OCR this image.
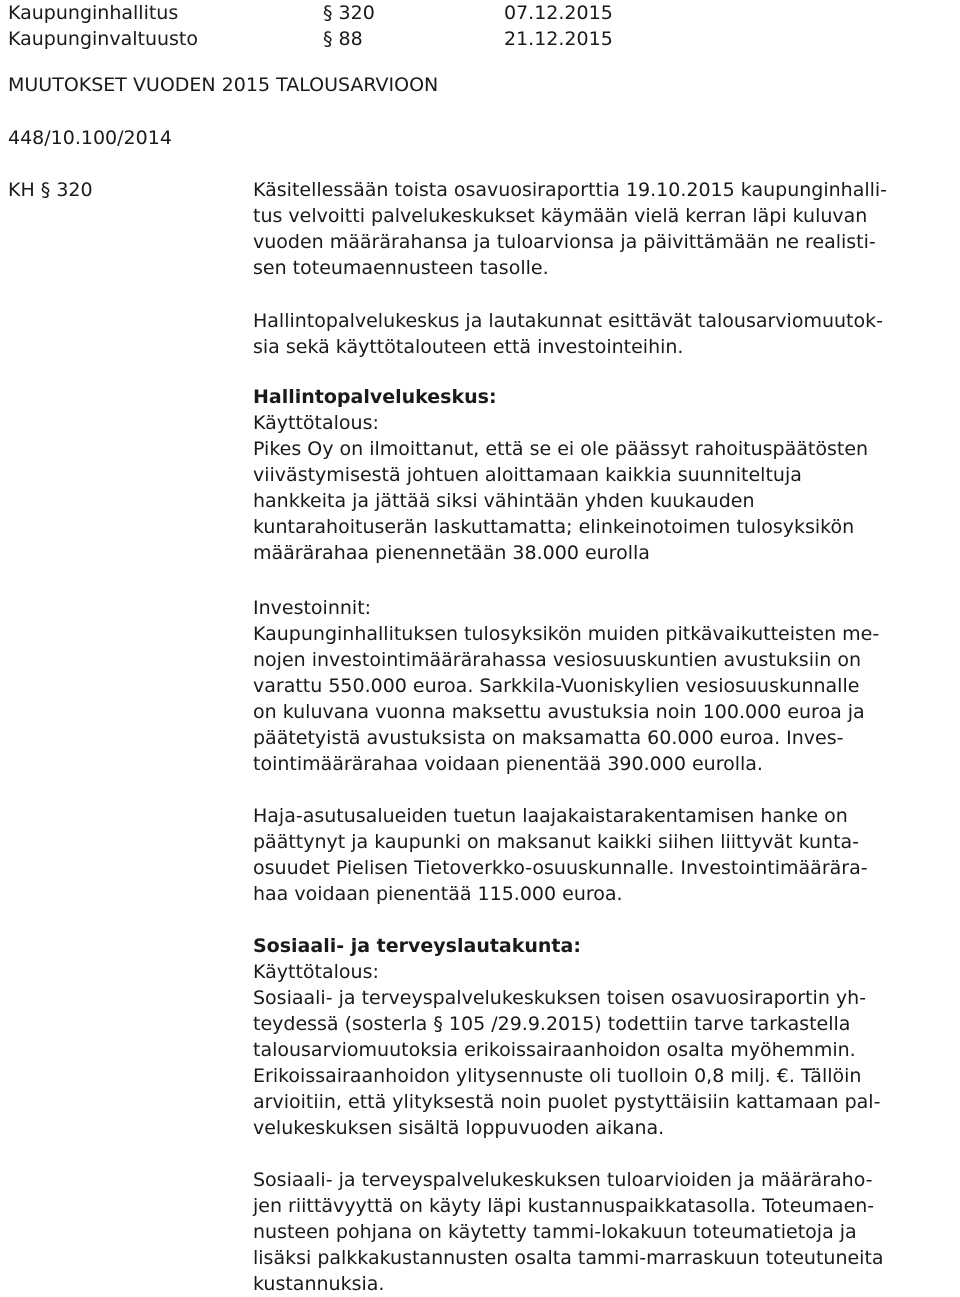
Kaupunginhallitus	§ 320	07.12.2015
Kaupunginvaltuusto	§ 88	21.12.2015
MUUTOKSET VUODEN 2015 TALOUSARVIOON
448/10.100/2014
KH § 320	Käsitellessään toista osavuosiraporttia 19.10.2015 kaupunginhalli-
tus velvoitti palvelukeskukset käymään vielä kerran läpi kuluvan
vuoden määrärahansa ja tuloarvionsa ja päivittämään ne realisti-
sen toteumaennusteen tasolle.
Hallintopalvelukeskus ja lautakunnat esittävät talousarviomuutok-
sia sekä käyttötalouteen että investointeihin.
Hallintopalvelukeskus:
Käyttötalous:
Pikes Oy on ilmoittanut, että se ei ole päässyt rahoituspäätösten
viivästymisestä johtuen aloittamaan kaikkia suunniteltuja
hankkeita ja jättää siksi vähintään yhden kuukauden
kuntarahoituserän laskuttamatta; elinkeinotoimen tulosyksikön
määrärahaa pienennetään 38.000 eurolla
Investoinnit:
Kaupunginhallituksen tulosyksikön muiden pitkävaikutteisten me-
nojen investointimäärärahassa vesiosuuskuntien avustuksiin on
varattu 550.000 euroa. Sarkkila-Vuoniskylien vesiosuuskunnalle
on kuluvana vuonna maksettu avustuksia noin 100.000 euroa ja
päätetyistä avustuksista on maksamatta 60.000 euroa. Inves-
tointimäärärahaa voidaan pienentää 390.000 eurolla.
Haja-asutusalueiden tuetun laajakaistarakentamisen hanke on
päättynyt ja kaupunki on maksanut kaikki siihen liittyvät kunta-
osuudet Pielisen Tietoverkko-osuuskunnalle. Investointimäärära-
haa voidaan pienentää 115.000 euroa.
Sosiaali- ja terveyslautakunta:
Käyttötalous:
Sosiaali- ja terveyspalvelukeskuksen toisen osavuosiraportin yh-
teydessä (sosterla § 105 /29.9.2015) todettiin tarve tarkastella
talousarviomuutoksia erikoissairaanhoidon osalta myöhemmin.
Erikoissairaanhoidon ylitysennuste oli tuolloin 0,8 milj. €. Tällöin
arvioitiin, että ylityksestä noin puolet pystyttäisiin kattamaan pal-
velukeskuksen sisältä loppuvuoden aikana.
Sosiaali- ja terveyspalvelukeskuksen tuloarvioiden ja määräraho-
jen riittävyyttä on käyty läpi kustannuspaikkatasolla. Toteumaen-
nusteen pohjana on käytetty tammi-lokakuun toteumatietoja ja
lisäksi palkkakustannusten osalta tammi-marraskuun toteutuneita
kustannuksia.
